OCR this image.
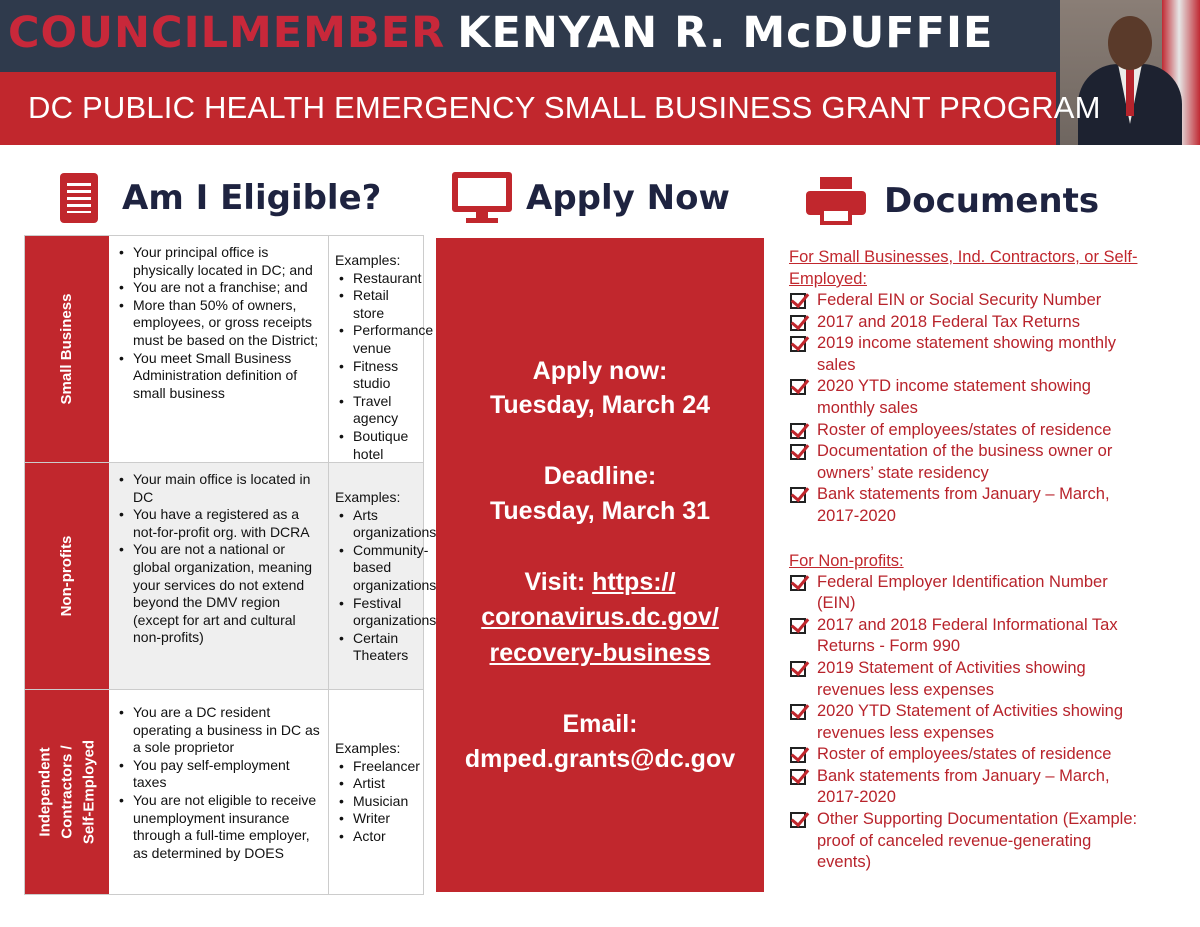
COUNCILMEMBER KENYAN R. McDUFFIE
DC PUBLIC HEALTH EMERGENCY SMALL BUSINESS GRANT PROGRAM
Am I Eligible?	Apply Now	Documents
Small Business
• Your principal office is physically located in DC; and
• You are not a franchise; and
• More than 50% of owners, employees, or gross receipts must be based on the District;
• You meet Small Business Administration definition of small business
Examples:
• Restaurant
• Retail store
• Performance venue
• Fitness studio
• Travel agency
• Boutique hotel
Non-profits
• Your main office is located in DC
• You have a registered as a not-for-profit org. with DCRA
• You are not a national or global organization, meaning your services do not extend beyond the DMV region (except for art and cultural non-profits)
Examples:
• Arts organizations
• Community-based organizations
• Festival organizations
• Certain Theaters
Independent Contractors / Self-Employed
• You are a DC resident operating a business in DC as a sole proprietor
• You pay self-employment taxes
• You are not eligible to receive unemployment insurance through a full-time employer, as determined by DOES
Examples:
• Freelancer
• Artist
• Musician
• Writer
• Actor
Apply now:
Tuesday, March 24
Deadline:
Tuesday, March 31
Visit: https://
coronavirus.dc.gov/
recovery-business
Email:
dmped.grants@dc.gov
For Small Businesses, Ind. Contractors, or Self-
Employed:
Federal EIN or Social Security Number
2017 and 2018 Federal Tax Returns
2019 income statement showing monthly
sales
2020 YTD income statement showing
monthly sales
Roster of employees/states of residence
Documentation of the business owner or
owners’ state residency
Bank statements from January – March,
2017-2020
For Non-profits:
Federal Employer Identification Number
(EIN)
2017 and 2018 Federal Informational Tax
Returns - Form 990
2019 Statement of Activities showing
revenues less expenses
2020 YTD Statement of Activities showing
revenues less expenses
Roster of employees/states of residence
Bank statements from January – March,
2017-2020
Other Supporting Documentation (Example:
proof of canceled revenue-generating
events)
